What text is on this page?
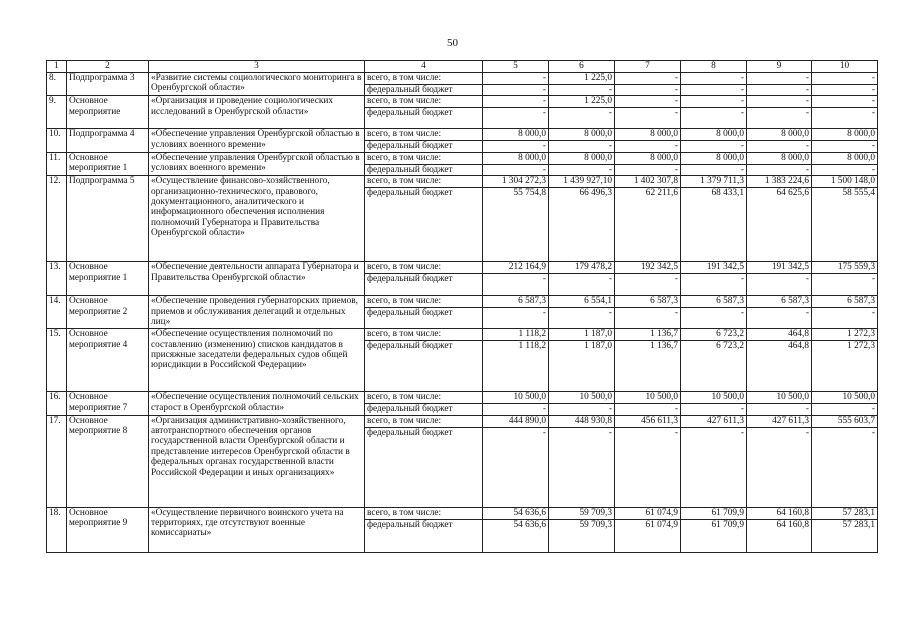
50
1	2	3	4	5	6	7	8	9	10
8.	Подпрограмма 3	«Развитие системы социологического мониторинга в Оренбургской области»	всего, в том числе:	-	1 225,0	-	-	-	-
			федеральный бюджет	-	-	-	-	-	-
9.	Основное мероприятие	«Организация и проведение социологических исследований в Оренбургской области»	всего, в том числе:	-	1 225,0	-	-	-	-
			федеральный бюджет	-	-	-	-	-	-
10.	Подпрограмма 4	«Обеспечение управления Оренбургской областью в условиях военного времени»	всего, в том числе:	8 000,0	8 000,0	8 000,0	8 000,0	8 000,0	8 000,0
			федеральный бюджет	-	-	-	-	-	-
11.	Основное мероприятие 1	«Обеспечение управления Оренбургской областью в условиях военного времени»	всего, в том числе:	8 000,0	8 000,0	8 000,0	8 000,0	8 000,0	8 000,0
			федеральный бюджет	-	-	-	-	-	-
12.	Подпрограмма 5	«Осуществление финансово-хозяйственного, организационно-технического, правового, документационного, аналитического и информационного обеспечения исполнения полномочий Губернатора и Правительства Оренбургской области»	всего, в том числе:	1 304 272,3	1 439 927,10	1 402 307,8	1 379 711,3	1 383 224,6	1 500 148,0
			федеральный бюджет	55 754,8	66 496,3	62 211,6	68 433,1	64 625,6	58 555,4
13.	Основное мероприятие 1	«Обеспечение деятельности аппарата Губернатора и Правительства Оренбургской области»	всего, в том числе:	212 164,9	179 478,2	192 342,5	191 342,5	191 342,5	175 559,3
			федеральный бюджет	-	-	-	-	-	-
14.	Основное мероприятие 2	«Обеспечение проведения губернаторских приемов, приемов и обслуживания делегаций и отдельных лиц»	всего, в том числе:	6 587,3	6 554,1	6 587,3	6 587,3	6 587,3	6 587,3
			федеральный бюджет	-	-	-	-	-	-
15.	Основное мероприятие 4	«Обеспечение осуществления полномочий по составлению (изменению) списков кандидатов в присяжные заседатели федеральных судов общей юрисдикции в Российской Федерации»	всего, в том числе:	1 118,2	1 187,0	1 136,7	6 723,2	464,8	1 272,3
			федеральный бюджет	1 118,2	1 187,0	1 136,7	6 723,2	464,8	1 272,3
16.	Основное мероприятие 7	«Обеспечение осуществления полномочий сельских старост в Оренбургской области»	всего, в том числе:	10 500,0	10 500,0	10 500,0	10 500,0	10 500,0	10 500,0
			федеральный бюджет	-	-	-	-	-	-
17.	Основное мероприятие 8	«Организация административно-хозяйственного, автотранспортного обеспечения органов государственной власти Оренбургской области и представление интересов Оренбургской области в федеральных органах государственной власти Российской Федерации и иных организациях»	всего, в том числе:	444 890,0	448 930,8	456 611,3	427 611,3	427 611,3	555 603,7
			федеральный бюджет	-	-	-	-	-	-
18.	Основное мероприятие 9	«Осуществление первичного воинского учета на территориях, где отсутствуют военные комиссариаты»	всего, в том числе:	54 636,6	59 709,3	61 074,9	61 709,9	64 160,8	57 283,1
			федеральный бюджет	54 636,6	59 709,3	61 074,9	61 709,9	64 160,8	57 283,1
